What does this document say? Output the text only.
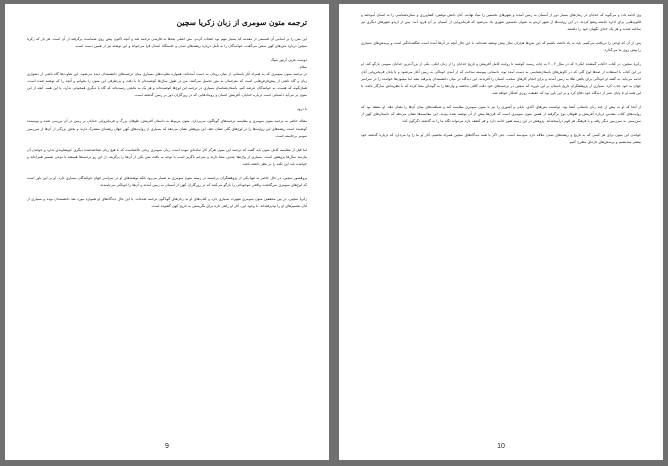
ترجمه متون سومری از زبان زکریا سچین

این متن را بر اساس آن قسمتی از مقدمه که بسیار مهم بود انتخاب کردم. متن اصلی بعدها به فارسی ترجمه شد و آنچه اکنون پیش روی شماست برگرفته از آن است. هر بار که زکریا سچین درباره متن‌های کهن سخن می‌گفت، خوانندگان را به تأمل درباره ریشه‌های تمدن و خاستگاه انسان فرا می‌خواند و این نوشته نیز از همین دست است.

دوست عزیز، آرتور سیگ

سلام

در ترجمه متون سومری که به همراه آثار باستانی از میان رودان به دست آمده‌اند، همواره تفاوت‌های بسیاری میان ترجمه‌های دانشمندان دیده می‌شود. این تفاوت‌ها گاه ناشی از دشواری زبان و گاه ناشی از پیش‌فرض‌هایی است که مترجمان به متن تحمیل می‌کنند. من در طول سال‌ها کوشیده‌ام تا با دقت و بی‌طرفی این متون را بخوانم و آنچه را که نوشته شده است، همان‌گونه که هست، به خوانندگان عرضه کنم. باستان‌شناسان بسیاری در ترجمه این لوح‌ها کوشیده‌اند و هر یک به نتایجی رسیده‌اند که گاه با دیگری همخوانی ندارد. با این همه، آنچه از این متون بر می‌آید داستانی است درباره خدایان، آفرینش انسان و رویدادهایی که در روزگاران دور بر زمین گذشته است.

با درود

مقاله حاضر به ترجمه متون سومری و مقایسه ترجمه‌های گوناگون می‌پردازد. متون مربوط به داستان آفرینش، طوفان بزرگ و فرمانروایی خدایان بر زمین در آن بررسی شده و نویسنده کوشیده است ریشه‌های این روایت‌ها را در لوح‌های گلی نشان دهد. این پژوهش نشان می‌دهد که بسیاری از روایت‌های کهن جهان ریشه‌ای مشترک دارند و بخش بزرگی از آن‌ها از سرزمین سومر برخاسته است.

اما قبل از مقایسه کامل متون باید گفت که ترجمه این متون هرگز کار ساده‌ای نبوده است. زبان سومری زبانی ناآشناست که با هیچ زبان شناخته‌شده دیگری خویشاوندی ندارد و خواندن آن نیازمند سال‌ها پژوهش است. بسیاری از واژه‌ها چندین معنا دارند و مترجم ناگزیر است با توجه به بافت متن یکی از آن‌ها را برگزیند. از این رو ترجمه‌ها همیشه با نوعی تفسیر همراه‌اند و خواننده باید این نکته را در نظر داشته باشد.

پروفسور سچین، در حال حاضر نه تنها یکی از پژوهشگران برجسته در زمینه متون سومری به شمار می‌رود بلکه نوشته‌های او در سراسر جهان خوانندگان بسیاری دارد. او بر این باور است که لوح‌های سومری سرگذشت واقعی موجوداتی را بازگو می‌کنند که در روزگاران کهن از آسمان به زمین آمدند و آن‌ها را انوناکی می‌نامیدند.

زکریا سچین، در بین محققین متون سومری شهرت بسیاری دارد و کتاب‌های او به زبان‌های گوناگون ترجمه شده‌اند. با این حال دیدگاه‌های او همواره مورد نقد دانشمندان بوده و بسیاری از آنان تفسیرهای او را نپذیرفته‌اند. با وجود این، آثار او راهی تازه برای نگریستن به تاریخ کهن گشوده است.

9

وی ادامه داد، و می‌گوید که خدایان در زمان‌های بسیار دور از آسمان به زمین آمدند و شهرهای نخستین را بنیاد نهادند. آنان دانش نوشتن، کشاورزی و ستاره‌شناسی را به انسان آموختند و قانون‌هایی برای اداره جامعه وضع کردند. در این روایت‌ها از شهر اریدو به عنوان نخستین شهری یاد می‌شود که فرمانروایی از آسمان بر آن فرود آمد. پس از اریدو شهرهای دیگری نیز ساخته شدند و هر یک خدای نگهبان خود را داشتند.

پس از آن که لوحی را دریافت می‌کنیم، باید به یاد داشته باشیم که این متن‌ها هزاران سال پیش نوشته شده‌اند. با این حال آنچه در آن‌ها آمده است شگفت‌انگیز است و پرسش‌های بسیاری را پیش روی ما می‌گذارد.

زکریا سچین، در کتاب «کتاب گمشده انکی» که در سال ۲۰۰۲ به چاپ رسید، کوشید تا روایت کامل آفرینش و تاریخ خدایان را از زبان انکی، یکی از بزرگ‌ترین خدایان سومر، بازگو کند. او در این کتاب با استفاده از صدها لوح گلی که در کاوش‌های باستان‌شناسی به دست آمده بود، داستانی پیوسته ساخت که از آمدن انوناکی به زمین آغاز می‌شود و تا پایان فرمانروایی آنان ادامه می‌یابد. به گفته او انوناکی برای یافتن طلا به زمین آمدند و برای انجام کارهای سخت، انسان را آفریدند. این دیدگاه در میان دانشمندان پذیرفته نشد اما میلیون‌ها خواننده را در سراسر جهان به خود جذب کرد. بسیاری از پژوهشگران تاریخ باستان بر این باورند که سچین در ترجمه‌های خود دقت کافی نداشته و واژه‌ها را به گونه‌ای معنا کرده که با نظریه‌اش سازگار باشد. با این همه او تا پایان عمر از دیدگاه خود دفاع کرد و بر این باور بود که حقیقت روزی آشکار خواهد شد.

از آنجا که او به بیش از چند زبان باستانی آشنا بود، توانست متن‌های اکدی، بابلی و آشوری را نیز با متون سومری مقایسه کند و شباهت‌های میان آن‌ها را نشان دهد. او معتقد بود که روایت‌های کتاب مقدس درباره آفرینش و طوفان نوح برگرفته از همین متون سومری است که قرن‌ها پیش از آن نوشته شده بودند. این مقایسه‌ها نشان می‌دهد که داستان‌های کهن از سرزمینی به سرزمین دیگر رفته و با فرهنگ هر قوم درآمیخته‌اند. پژوهش در این زمینه هنوز ادامه دارد و هر کشف تازه می‌تواند نگاه ما را به گذشته دگرگون کند.

خواندن این متون برای هر کسی که به تاریخ و ریشه‌های تمدن علاقه دارد سودمند است. حتی اگر با همه دیدگاه‌های سچین همراه نباشیم، آثار او ما را وا می‌دارد که درباره گذشته خود بیشتر بیندیشیم و پرسش‌های تازه‌ای مطرح کنیم.

10
